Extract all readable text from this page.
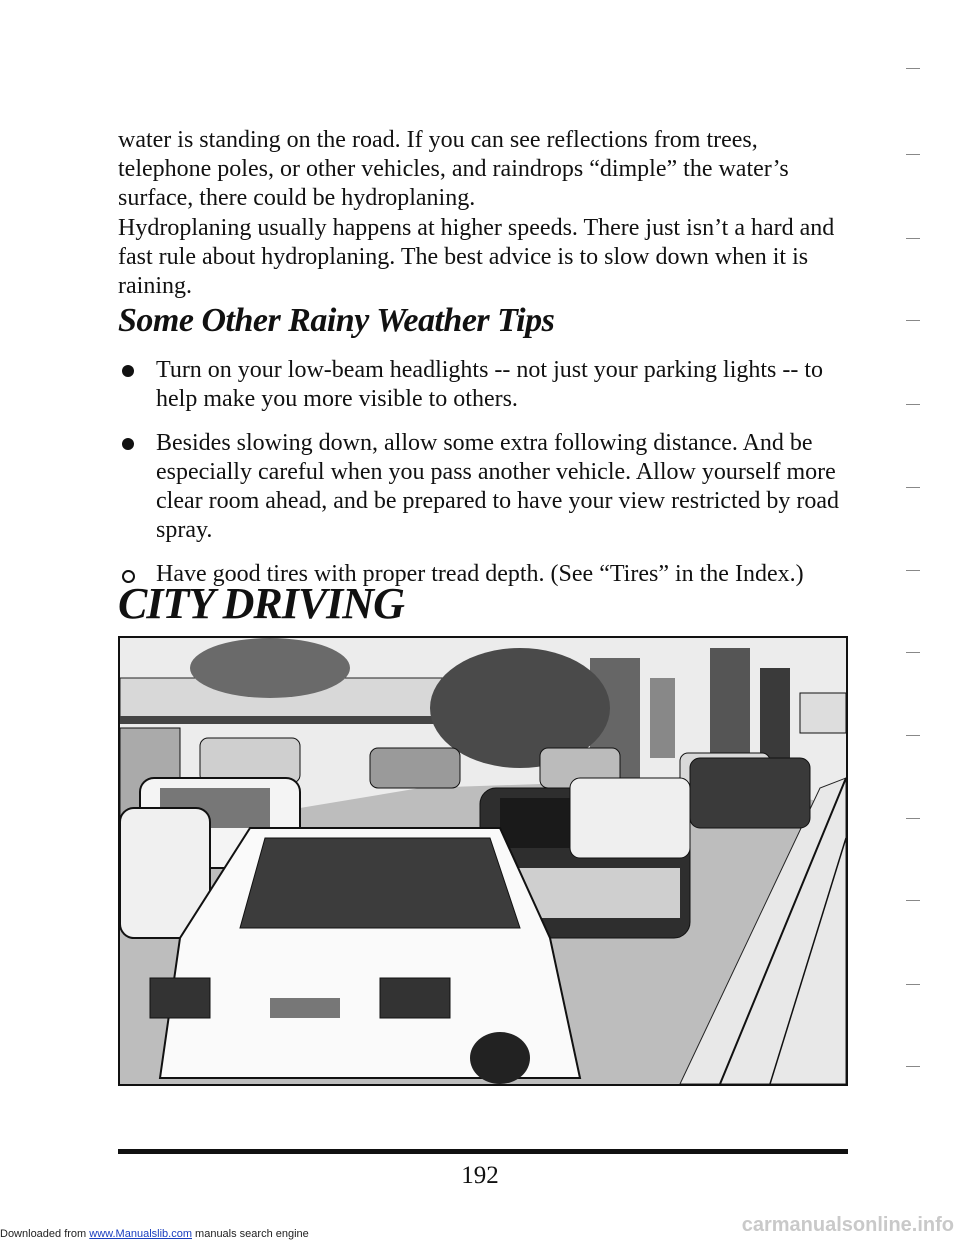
water is standing on the road. If you can see reflections from trees, telephone poles, or other vehicles, and raindrops “dimple” the water’s surface, there could be hydroplaning.

Hydroplaning usually happens at higher speeds. There just isn’t a hard and fast rule about hydroplaning. The best advice is to slow down when it is raining.

Some Other Rainy Weather Tips
Turn on your low-beam headlights -- not just your parking lights -- to help make you more visible to others.
Besides slowing down, allow some extra following distance. And be especially careful when you pass another vehicle. Allow yourself more clear room ahead, and be prepared to have your view restricted by road spray.
Have good tires with proper tread depth. (See “Tires” in the Index.)
CITY DRIVING
192
Downloaded from www.Manualslib.com manuals search engine	carmanualsonline.info
